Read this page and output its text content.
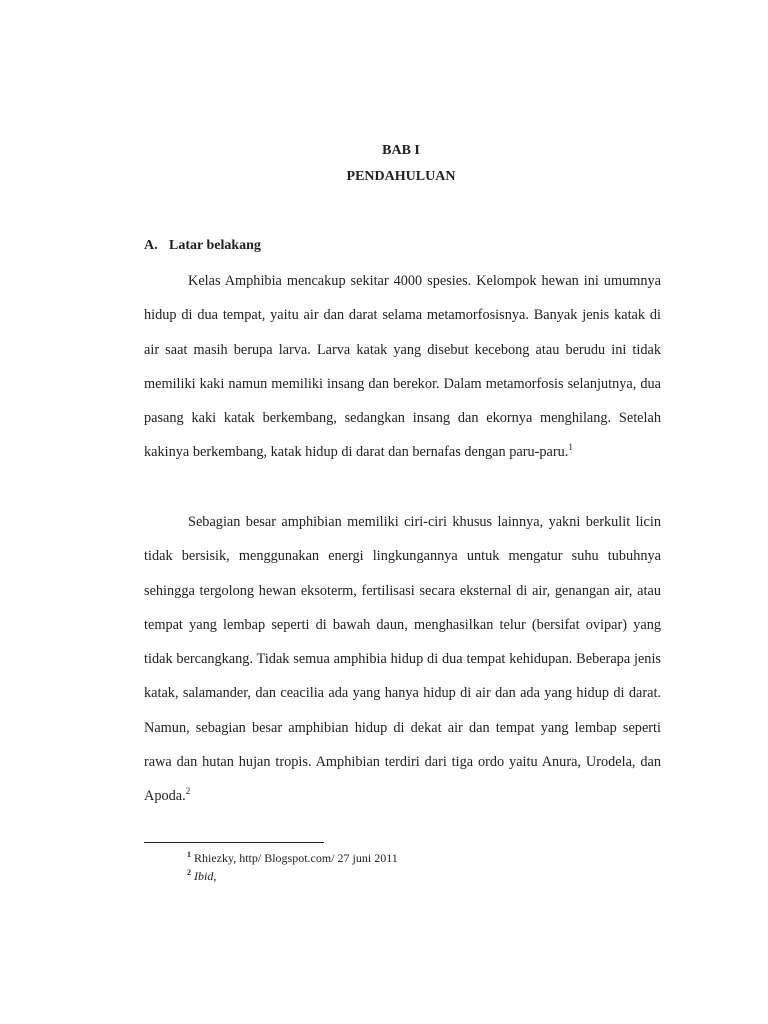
BAB I
PENDAHULUAN
A. Latar belakang

Kelas Amphibia mencakup sekitar 4000 spesies. Kelompok hewan ini umumnya hidup di dua tempat, yaitu air dan darat selama metamorfosisnya. Banyak jenis katak di air saat masih berupa larva. Larva katak yang disebut kecebong atau berudu ini tidak memiliki kaki namun memiliki insang dan berekor. Dalam metamorfosis selanjutnya, dua pasang kaki katak berkembang, sedangkan insang dan ekornya menghilang. Setelah kakinya berkembang, katak hidup di darat dan bernafas dengan paru-paru.$^1$

Sebagian besar amphibian memiliki ciri-ciri khusus lainnya, yakni berkulit licin tidak bersisik, menggunakan energi lingkungannya untuk mengatur suhu tubuhnya sehingga tergolong hewan eksoterm, fertilisasi secara eksternal di air, genangan air, atau tempat yang lembap seperti di bawah daun, menghasilkan telur (bersifat ovipar) yang tidak bercangkang. Tidak semua amphibia hidup di dua tempat kehidupan. Beberapa jenis katak, salamander, dan ceacilia ada yang hanya hidup di air dan ada yang hidup di darat. Namun, sebagian besar amphibian hidup di dekat air dan tempat yang lembap seperti rawa dan hutan hujan tropis. Amphibian terdiri dari tiga ordo yaitu Anura, Urodela, dan Apoda.$^2$

$^1$ Rhiezky, http/ Blogspot.com/ 27 juni 2011
$^2$ Ibid,
